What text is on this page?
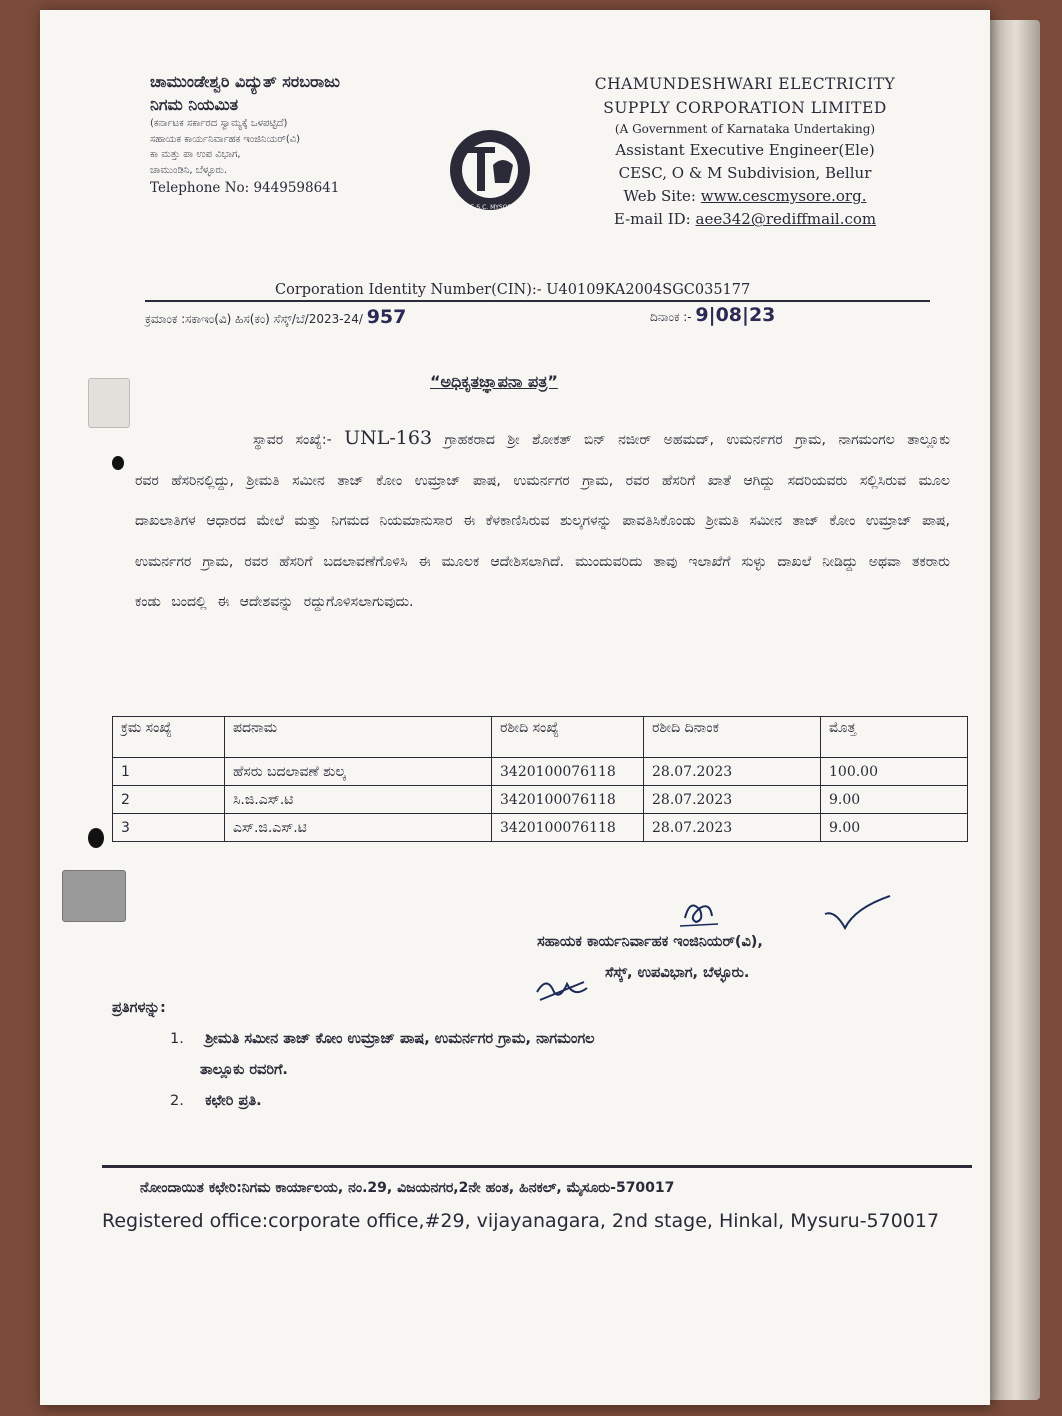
ಚಾಮುಂಡೇಶ್ವರಿ ವಿದ್ಯುತ್ ಸರಬರಾಜು
ನಿಗಮ ನಿಯಮಿತ
(ಕರ್ನಾಟಕ ಸರ್ಕಾರದ ಸ್ವಾಮ್ಯಕ್ಕೆ ಒಳಪಟ್ಟಿದೆ)
ಸಹಾಯಕ ಕಾರ್ಯನಿರ್ವಾಹಕ ಇಂಜಿನಿಯರ್(ವಿ)
ಕಾ ಮತ್ತು ಪಾ ಉಪ ವಿಭಾಗ,
ಚಾಮುಂಡಿನಿ, ಬೆಳ್ಳೂರು.
Telephone No: 9449598641
C.E.S.C. MYSORE
CHAMUNDESHWARI ELECTRICITY
SUPPLY CORPORATION LIMITED
(A Government of Karnataka Undertaking)
Assistant Executive Engineer(Ele)
CESC, O & M Subdivision, Bellur
Web Site: www.cescmysore.org.
E-mail ID: aee342@rediffmail.com
Corporation Identity Number(CIN):- U40109KA2004SGC035177
ಕ್ರಮಾಂಕ :ಸಕಾಇಂ(ವಿ) ಹಿಸ(ಕಂ) ಸೆಸ್ಕ್/ಬೆ/2023-24/ 957	ದಿನಾಂಕ :- 9|08|23
“ಅಧಿಕೃತಜ್ಞಾಪನಾ ಪತ್ರ”
ಸ್ಥಾವರ ಸಂಖ್ಯೆ:- UNL-163 ಗ್ರಾಹಕರಾದ ಶ್ರೀ ಶೋಕತ್ ಬಿನ್ ನಜೀರ್ ಅಹಮದ್, ಉಮರ್ನಗರ ಗ್ರಾಮ, ನಾಗಮಂಗಲ ತಾಲ್ಲೂಕು ರವರ ಹೆಸರಿನಲ್ಲಿದ್ದು, ಶ್ರೀಮತಿ ಸಮೀನ ತಾಜ್ ಕೋಂ ಉಮ್ರಾಜ್ ಪಾಷ, ಉಮರ್ನಗರ ಗ್ರಾಮ, ರವರ ಹೆಸರಿಗೆ ಖಾತೆ ಆಗಿದ್ದು ಸದರಿಯವರು ಸಲ್ಲಿಸಿರುವ ಮೂಲ ದಾಖಲಾತಿಗಳ ಆಧಾರದ ಮೇಲೆ ಮತ್ತು ನಿಗಮದ ನಿಯಮಾನುಸಾರ ಈ ಕೆಳಕಾಣಿಸಿರುವ ಶುಲ್ಕಗಳನ್ನು ಪಾವತಿಸಿಕೊಂಡು ಶ್ರೀಮತಿ ಸಮೀನ ತಾಜ್ ಕೋಂ ಉಮ್ರಾಜ್ ಪಾಷ, ಉಮರ್ನಗರ ಗ್ರಾಮ, ರವರ ಹೆಸರಿಗೆ ಬದಲಾವಣೆಗೊಳಿಸಿ ಈ ಮೂಲಕ ಆದೇಶಿಸಲಾಗಿದೆ. ಮುಂದುವರಿದು ತಾವು ಇಲಾಖೆಗೆ ಸುಳ್ಳು ದಾಖಲೆ ನೀಡಿದ್ದು ಅಥವಾ ತಕರಾರು ಕಂಡು ಬಂದಲ್ಲಿ ಈ ಆದೇಶವನ್ನು ರದ್ದುಗೊಳಿಸಲಾಗುವುದು.
ಕ್ರಮ ಸಂಖ್ಯೆ	ಪದನಾಮ	ರಶೀದಿ ಸಂಖ್ಯೆ	ರಶೀದಿ ದಿನಾಂಕ	ಮೊತ್ತ
1	ಹೆಸರು ಬದಲಾವಣೆ ಶುಲ್ಕ	3420100076118	28.07.2023	100.00
2	ಸಿ.ಜಿ.ಎಸ್.ಟಿ	3420100076118	28.07.2023	9.00
3	ಎಸ್.ಜಿ.ಎಸ್.ಟಿ	3420100076118	28.07.2023	9.00
ಸಹಾಯಕ ಕಾರ್ಯನಿರ್ವಾಹಕ ಇಂಜಿನಿಯರ್(ವಿ),
ಸೆಸ್ಕ್, ಉಪವಿಭಾಗ, ಬೆಳ್ಳೂರು.
ಪ್ರತಿಗಳನ್ನು:
1. ಶ್ರೀಮತಿ ಸಮೀನ ತಾಜ್ ಕೋಂ ಉಮ್ರಾಜ್ ಪಾಷ, ಉಮರ್ನಗರ ಗ್ರಾಮ, ನಾಗಮಂಗಲ
ತಾಲ್ಲೂಕು ರವರಿಗೆ.
2. ಕಛೇರಿ ಪ್ರತಿ.
ನೋಂದಾಯಿತ ಕಛೇರಿ:ನಿಗಮ ಕಾರ್ಯಾಲಯ, ನಂ.29, ವಿಜಯನಗರ,2ನೇ ಹಂತ, ಹಿನಕಲ್, ಮೈಸೂರು-570017
Registered office:corporate office,#29, vijayanagara, 2nd stage, Hinkal, Mysuru-570017
